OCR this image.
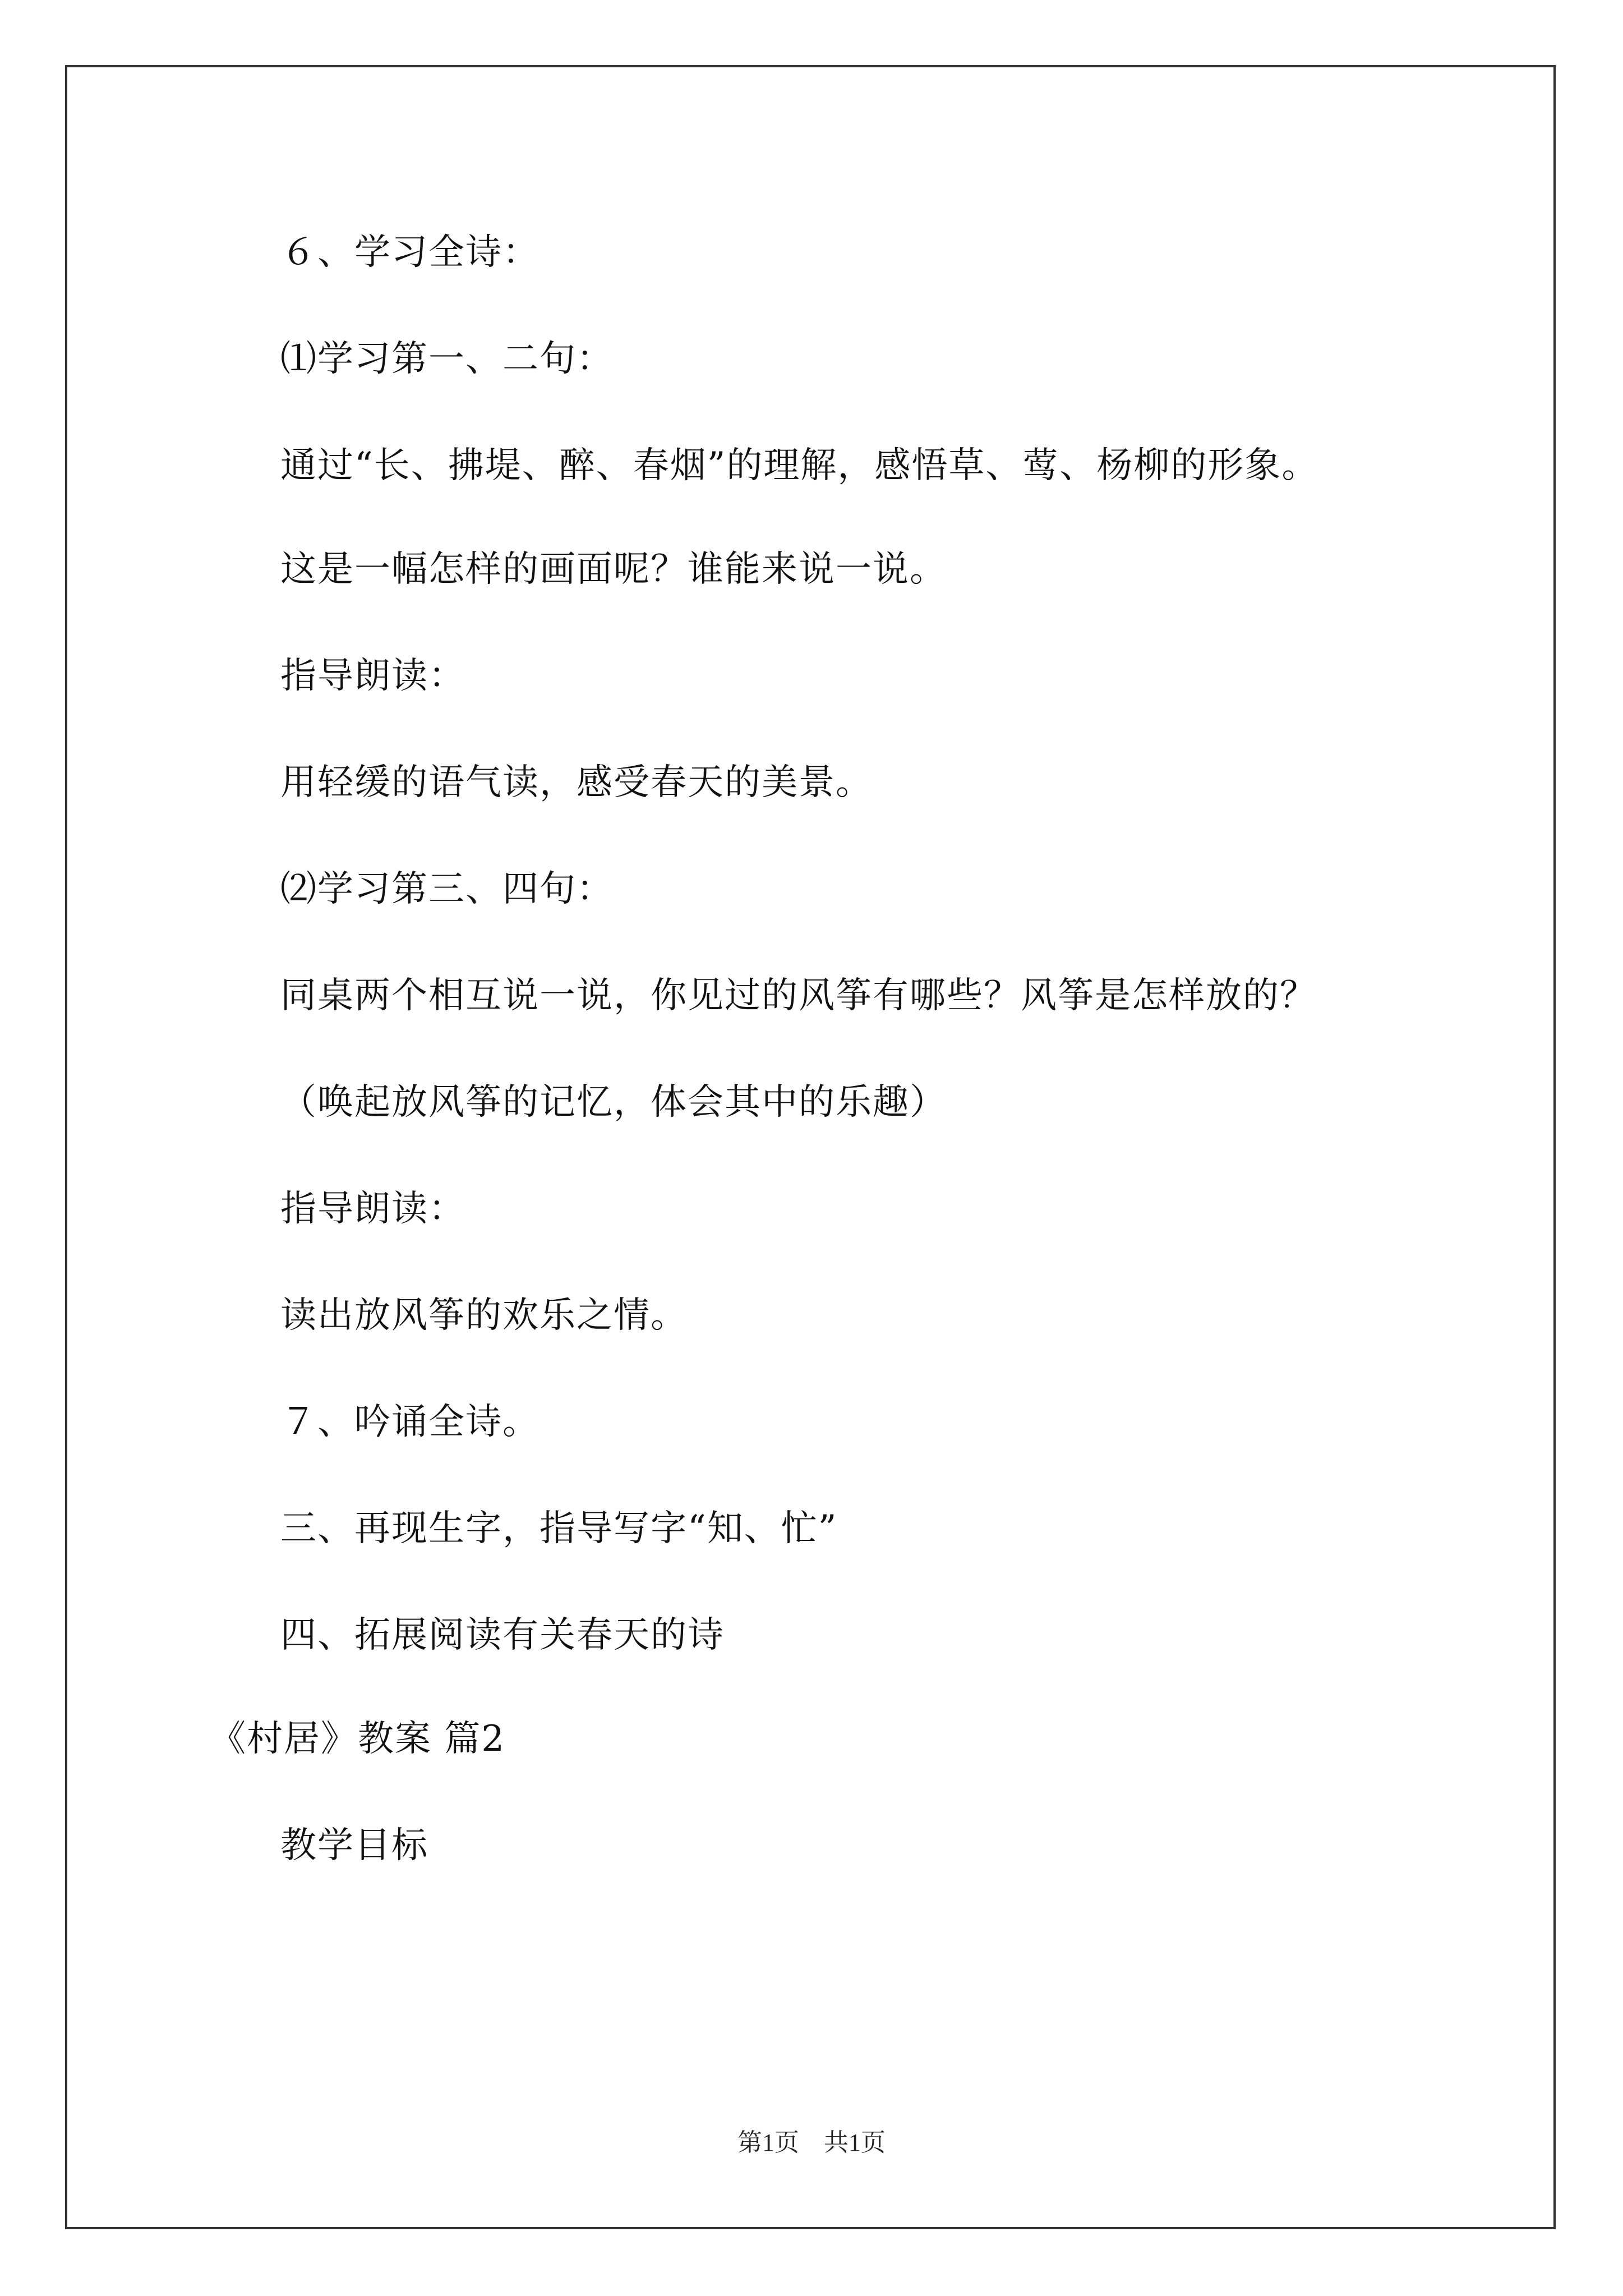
６、学习全诗：
⑴学习第一、二句：
通过“长、拂堤、醉、春烟”的理解，感悟草、莺、杨柳的形象。
这是一幅怎样的画面呢？谁能来说一说。
指导朗读：
用轻缓的语气读，感受春天的美景。
⑵学习第三、四句：
同桌两个相互说一说，你见过的风筝有哪些？风筝是怎样放的？
（唤起放风筝的记忆，体会其中的乐趣）
指导朗读：
读出放风筝的欢乐之情。
７、吟诵全诗。
三、再现生字，指导写字“知、忙”
四、拓展阅读有关春天的诗
《村居》教案 篇2
教学目标
第1页　共1页
